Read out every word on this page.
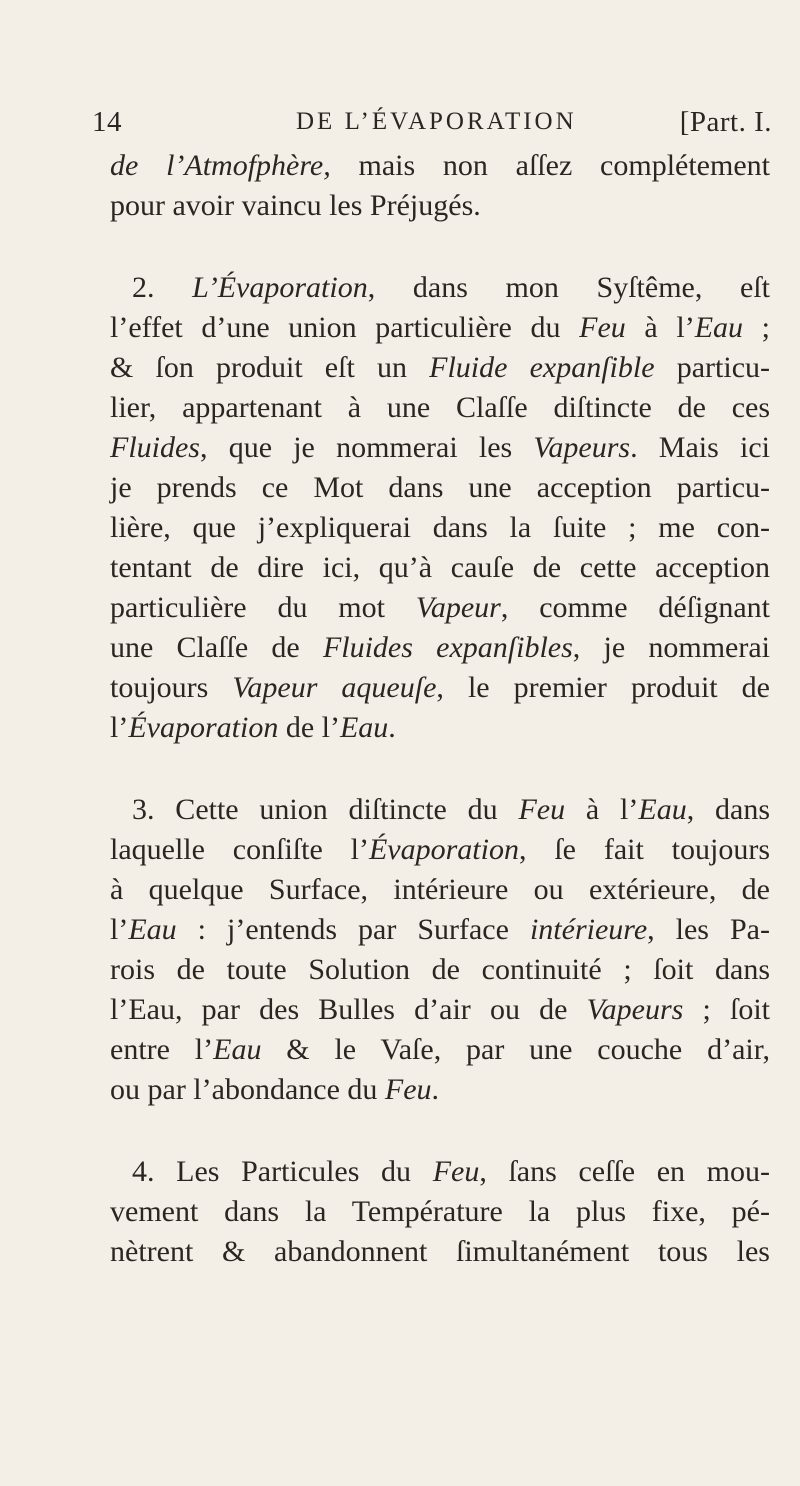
14	DE L’ÉVAPORATION	[Part. I.
de l’Atmofphère, mais non aſſez complétement
pour avoir vaincu les Préjugés.
2. L’Évaporation, dans mon Syſtême, eſt
l’effet d’une union particulière du Feu à l’Eau ;
& ſon produit eſt un Fluide expanſible particu-
lier, appartenant à une Claſſe diſtincte de ces
Fluides, que je nommerai les Vapeurs. Mais ici
je prends ce Mot dans une acception particu-
lière, que j’expliquerai dans la ſuite ; me con-
tentant de dire ici, qu’à cauſe de cette acception
particulière du mot Vapeur, comme déſignant
une Claſſe de Fluides expanſibles, je nommerai
toujours Vapeur aqueuſe, le premier produit de
l’Évaporation de l’Eau.
3. Cette union diſtincte du Feu à l’Eau, dans
laquelle conſiſte l’Évaporation, ſe fait toujours
à quelque Surface, intérieure ou extérieure, de
l’Eau : j’entends par Surface intérieure, les Pa-
rois de toute Solution de continuité ; ſoit dans
l’Eau, par des Bulles d’air ou de Vapeurs ; ſoit
entre l’Eau & le Vaſe, par une couche d’air,
ou par l’abondance du Feu.
4. Les Particules du Feu, ſans ceſſe en mou-
vement dans la Température la plus fixe, pé-
nètrent & abandonnent ſimultanément tous les
